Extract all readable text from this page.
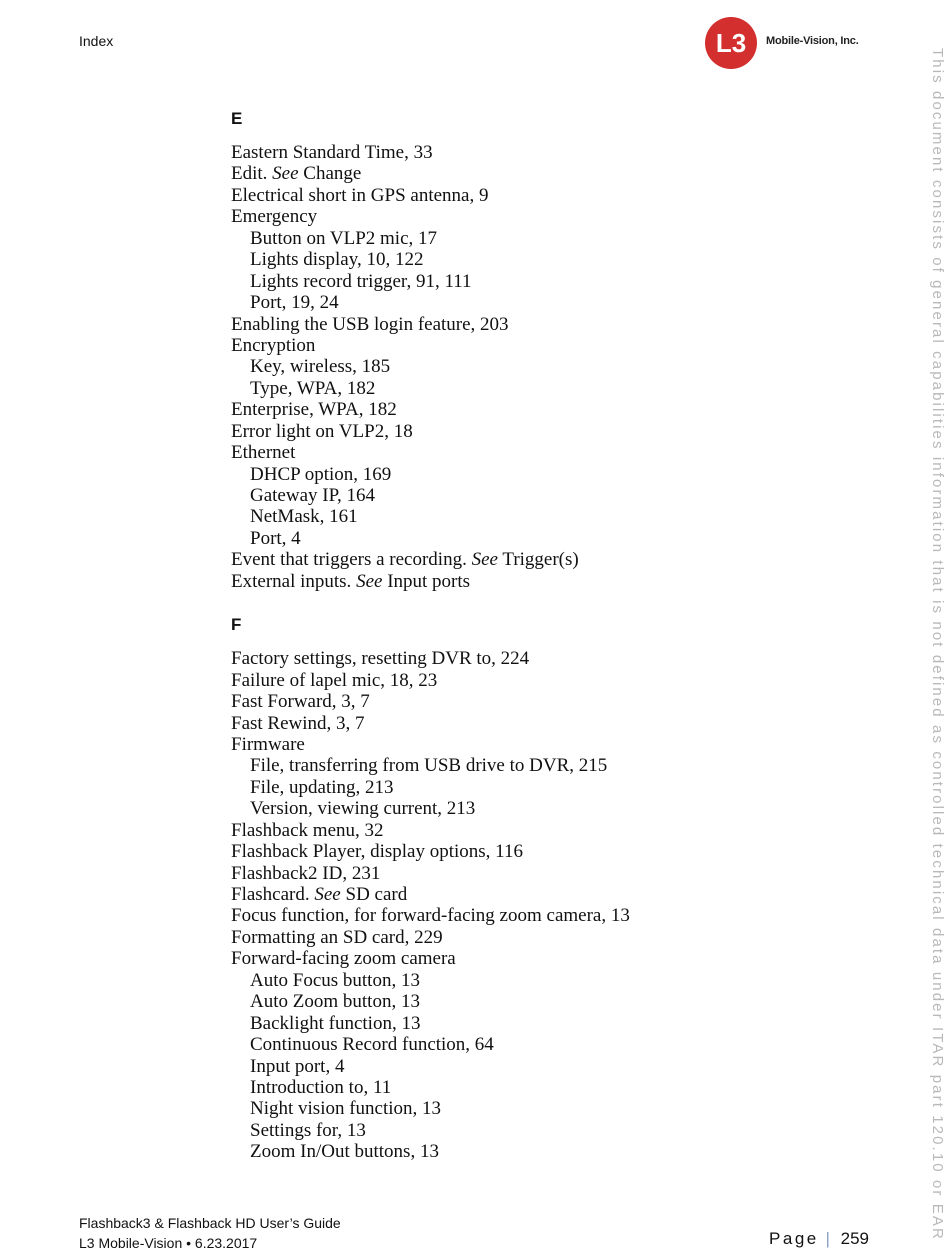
Index	L3 Mobile-Vision, Inc.
This document consists of general capabilities information that is not defined as controlled technical data under ITAR part 120.10 or EAR
E
Eastern Standard Time, 33
Edit. See Change
Electrical short in GPS antenna, 9
Emergency
Button on VLP2 mic, 17
Lights display, 10, 122
Lights record trigger, 91, 111
Port, 19, 24
Enabling the USB login feature, 203
Encryption
Key, wireless, 185
Type, WPA, 182
Enterprise, WPA, 182
Error light on VLP2, 18
Ethernet
DHCP option, 169
Gateway IP, 164
NetMask, 161
Port, 4
Event that triggers a recording. See Trigger(s)
External inputs. See Input ports
F
Factory settings, resetting DVR to, 224
Failure of lapel mic, 18, 23
Fast Forward, 3, 7
Fast Rewind, 3, 7
Firmware
File, transferring from USB drive to DVR, 215
File, updating, 213
Version, viewing current, 213
Flashback menu, 32
Flashback Player, display options, 116
Flashback2 ID, 231
Flashcard. See SD card
Focus function, for forward-facing zoom camera, 13
Formatting an SD card, 229
Forward-facing zoom camera
Auto Focus button, 13
Auto Zoom button, 13
Backlight function, 13
Continuous Record function, 64
Input port, 4
Introduction to, 11
Night vision function, 13
Settings for, 13
Zoom In/Out buttons, 13
Flashback3 & Flashback HD User’s Guide
L3 Mobile-Vision • 6.23.2017	Page | 259
